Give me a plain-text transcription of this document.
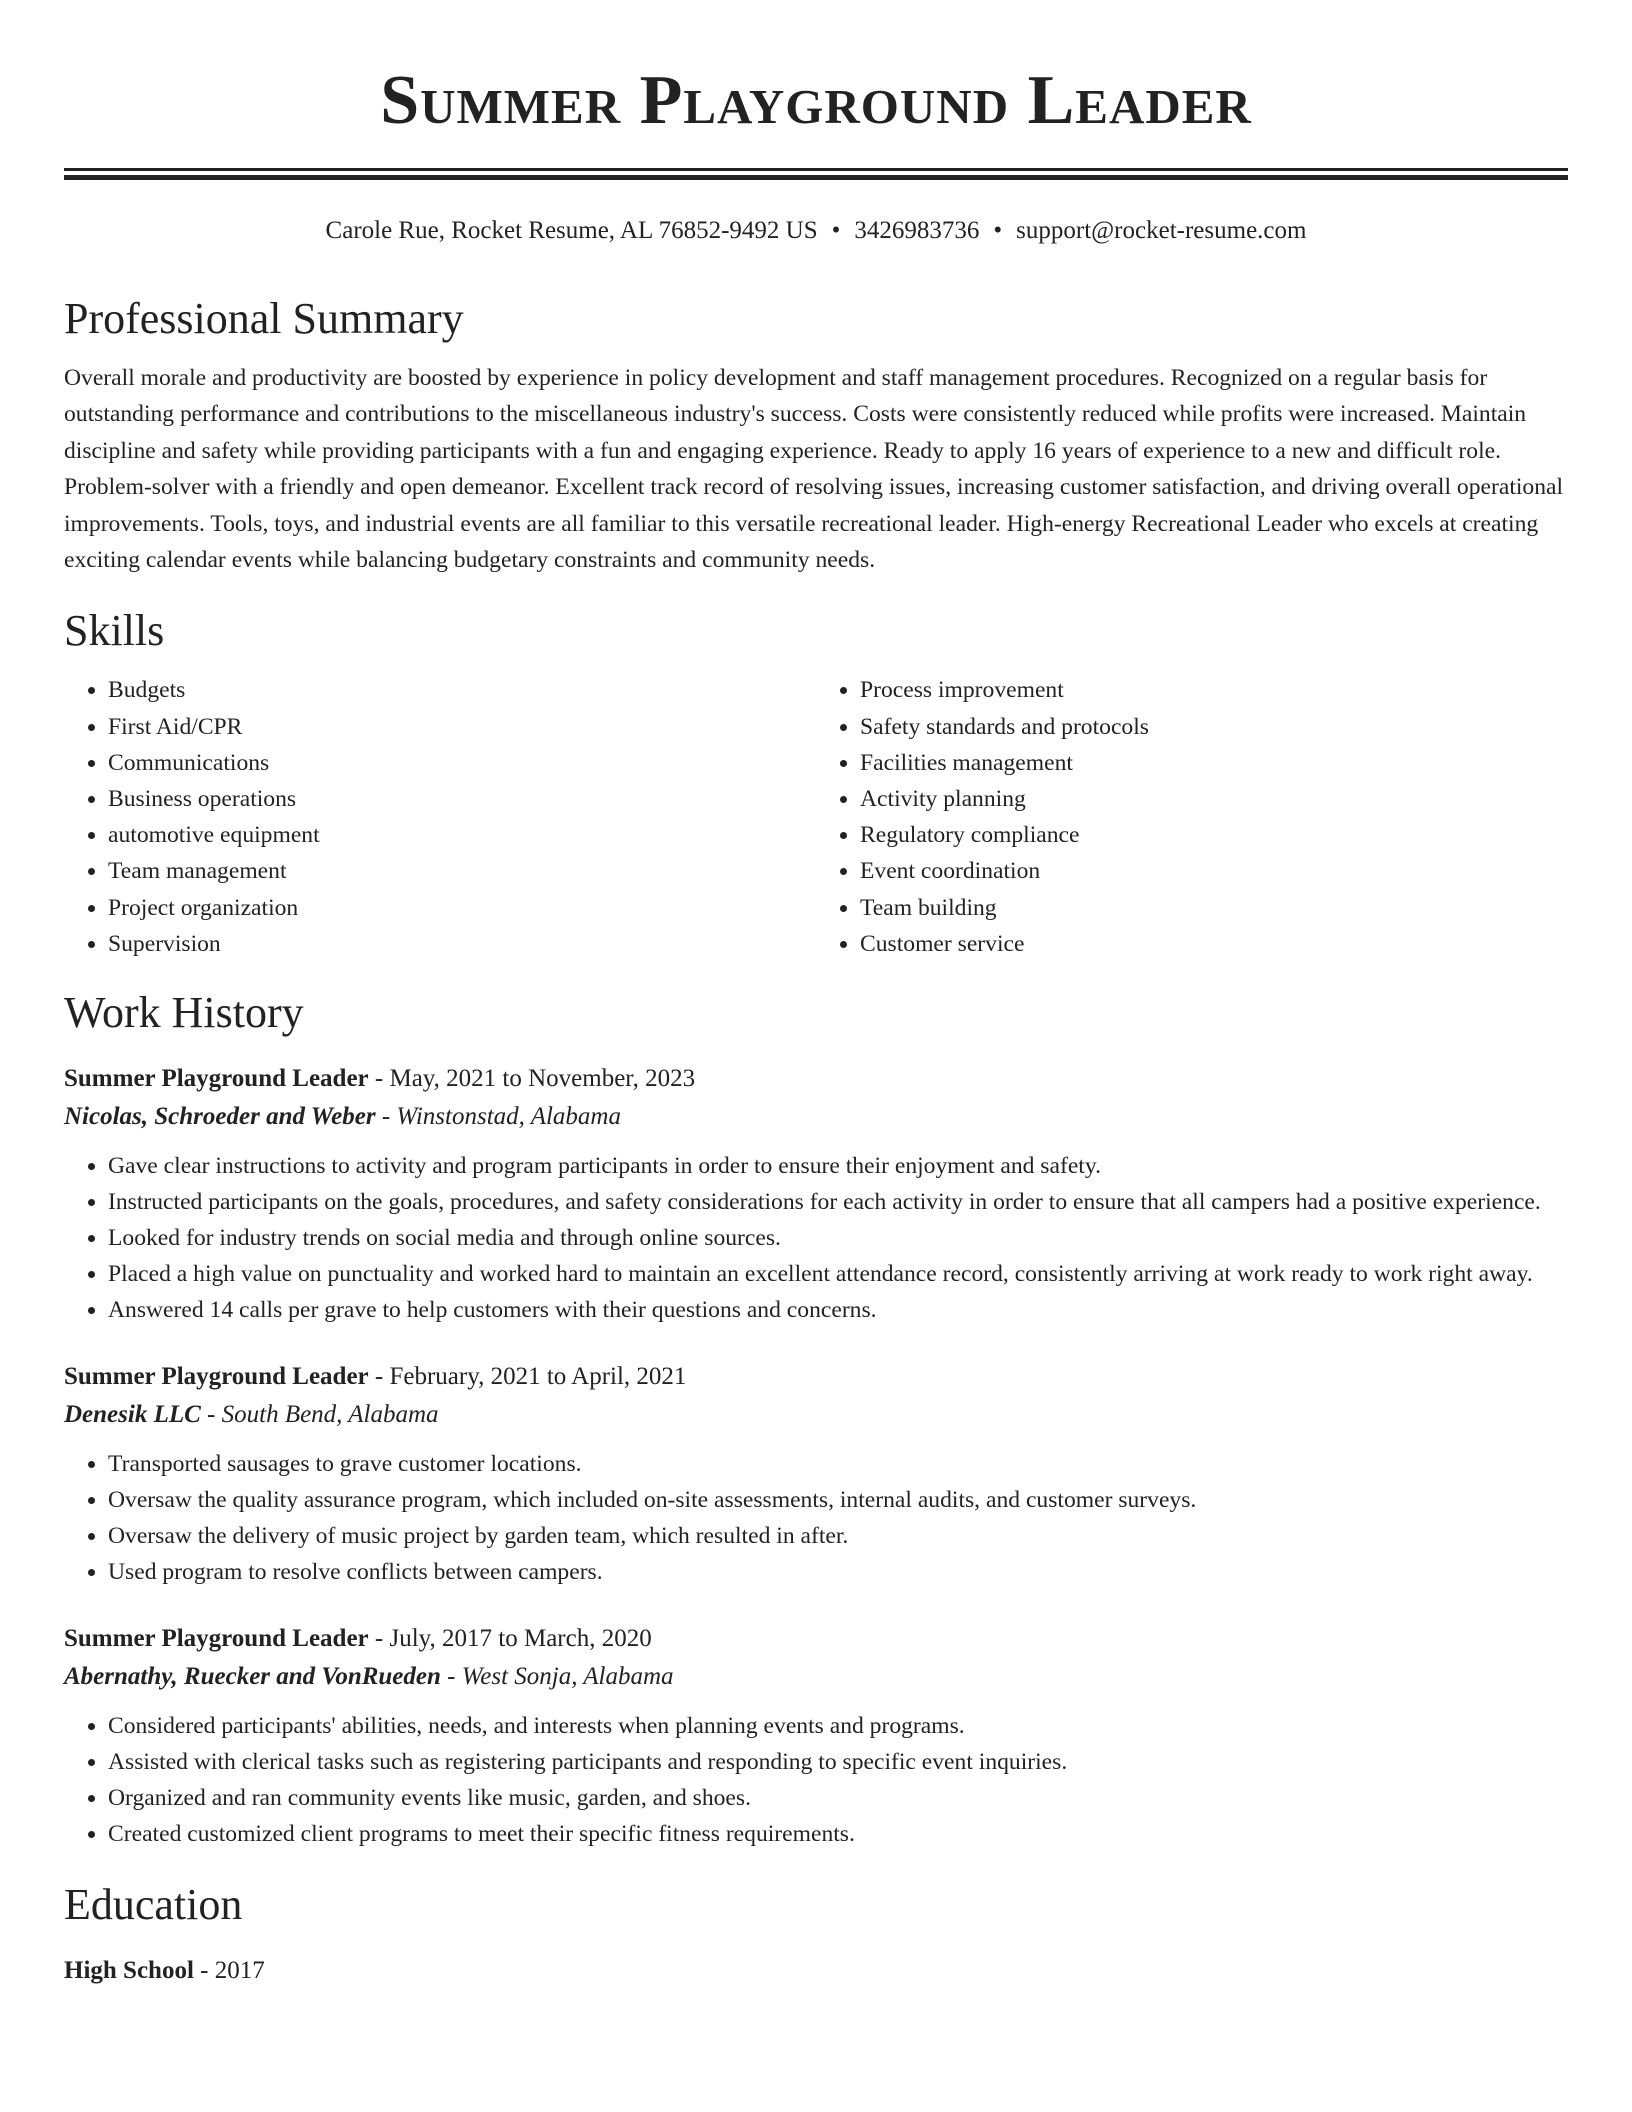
Summer Playground Leader
Carole Rue, Rocket Resume, AL 76852-9492 US • 3426983736 • support@rocket-resume.com
Professional Summary
Overall morale and productivity are boosted by experience in policy development and staff management procedures. Recognized on a regular basis for outstanding performance and contributions to the miscellaneous industry's success. Costs were consistently reduced while profits were increased. Maintain discipline and safety while providing participants with a fun and engaging experience. Ready to apply 16 years of experience to a new and difficult role. Problem-solver with a friendly and open demeanor. Excellent track record of resolving issues, increasing customer satisfaction, and driving overall operational improvements. Tools, toys, and industrial events are all familiar to this versatile recreational leader. High-energy Recreational Leader who excels at creating exciting calendar events while balancing budgetary constraints and community needs.
Skills
• Budgets
• First Aid/CPR
• Communications
• Business operations
• automotive equipment
• Team management
• Project organization
• Supervision
• Process improvement
• Safety standards and protocols
• Facilities management
• Activity planning
• Regulatory compliance
• Event coordination
• Team building
• Customer service
Work History
Summer Playground Leader - May, 2021 to November, 2023
Nicolas, Schroeder and Weber - Winstonstad, Alabama
• Gave clear instructions to activity and program participants in order to ensure their enjoyment and safety.
• Instructed participants on the goals, procedures, and safety considerations for each activity in order to ensure that all campers had a positive experience.
• Looked for industry trends on social media and through online sources.
• Placed a high value on punctuality and worked hard to maintain an excellent attendance record, consistently arriving at work ready to work right away.
• Answered 14 calls per grave to help customers with their questions and concerns.
Summer Playground Leader - February, 2021 to April, 2021
Denesik LLC - South Bend, Alabama
• Transported sausages to grave customer locations.
• Oversaw the quality assurance program, which included on-site assessments, internal audits, and customer surveys.
• Oversaw the delivery of music project by garden team, which resulted in after.
• Used program to resolve conflicts between campers.
Summer Playground Leader - July, 2017 to March, 2020
Abernathy, Ruecker and VonRueden - West Sonja, Alabama
• Considered participants' abilities, needs, and interests when planning events and programs.
• Assisted with clerical tasks such as registering participants and responding to specific event inquiries.
• Organized and ran community events like music, garden, and shoes.
• Created customized client programs to meet their specific fitness requirements.
Education
High School - 2017
